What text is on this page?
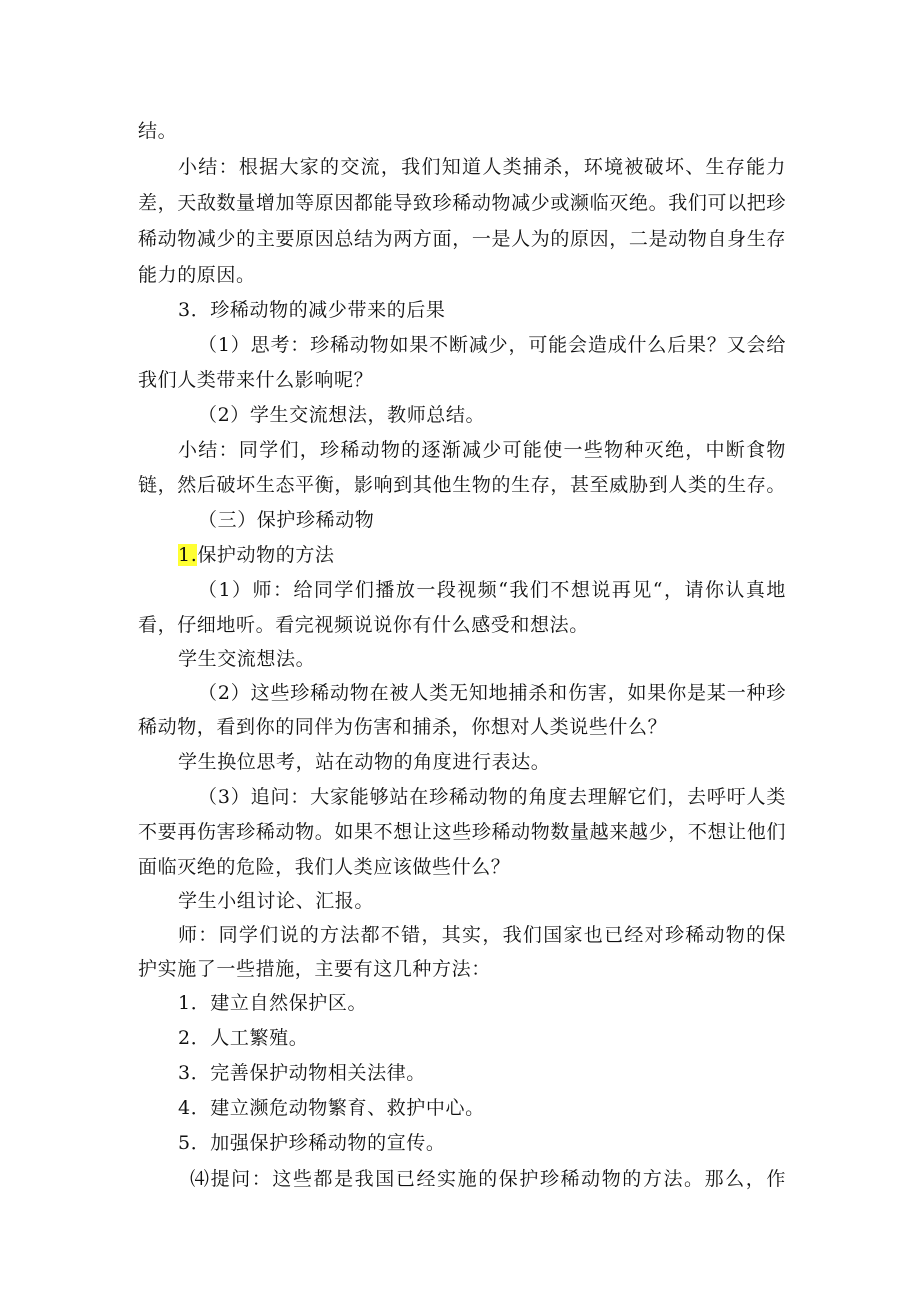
结。
小结：根据大家的交流，我们知道人类捕杀，环境被破坏、生存能力
差，天敌数量增加等原因都能导致珍稀动物减少或濒临灭绝。我们可以把珍
稀动物减少的主要原因总结为两方面，一是人为的原因，二是动物自身生存
能力的原因。
3．珍稀动物的减少带来的后果
（1）思考：珍稀动物如果不断减少，可能会造成什么后果？又会给
我们人类带来什么影响呢？
（2）学生交流想法，教师总结。
小结：同学们，珍稀动物的逐渐减少可能使一些物种灭绝，中断食物
链，然后破坏生态平衡，影响到其他生物的生存，甚至威胁到人类的生存。
（三）保护珍稀动物
1.保护动物的方法
（1）师：给同学们播放一段视频“我们不想说再见“，请你认真地
看，仔细地听。看完视频说说你有什么感受和想法。
学生交流想法。
（2）这些珍稀动物在被人类无知地捕杀和伤害，如果你是某一种珍
稀动物，看到你的同伴为伤害和捕杀，你想对人类说些什么？
学生换位思考，站在动物的角度进行表达。
（3）追问：大家能够站在珍稀动物的角度去理解它们，去呼吁人类
不要再伤害珍稀动物。如果不想让这些珍稀动物数量越来越少，不想让他们
面临灭绝的危险，我们人类应该做些什么？
学生小组讨论、汇报。
师：同学们说的方法都不错，其实，我们国家也已经对珍稀动物的保
护实施了一些措施，主要有这几种方法：
1．建立自然保护区。
2．人工繁殖。
3．完善保护动物相关法律。
4．建立濒危动物繁育、救护中心。
5．加强保护珍稀动物的宣传。
⑷提问：这些都是我国已经实施的保护珍稀动物的方法。那么，作
